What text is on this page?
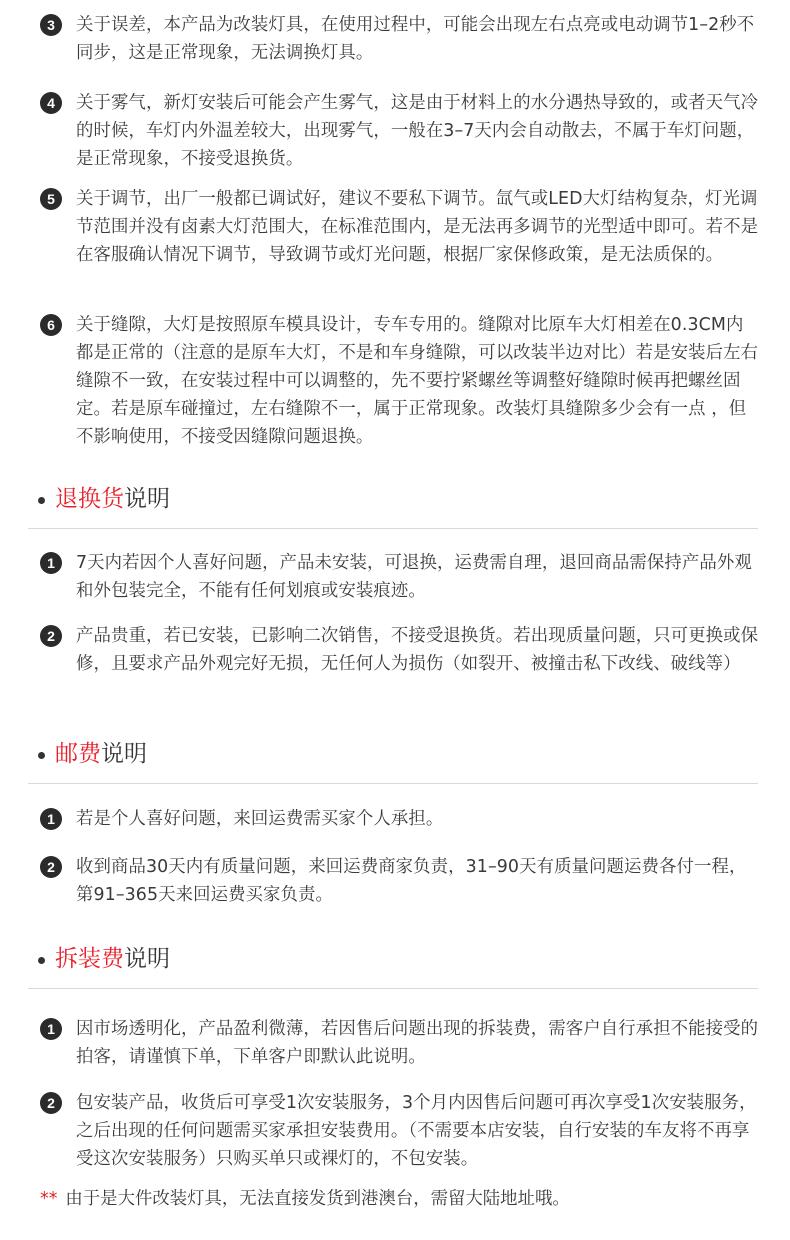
3	关于误差，本产品为改装灯具，在使用过程中，可能会出现左右点亮或电动调节1–2秒不同步，这是正常现象，无法调换灯具。
4	关于雾气，新灯安装后可能会产生雾气，这是由于材料上的水分遇热导致的，或者天气冷的时候，车灯内外温差较大，出现雾气，一般在3–7天内会自动散去，不属于车灯问题，是正常现象，不接受退换货。
5	关于调节，出厂一般都已调试好，建议不要私下调节。氙气或LED大灯结构复杂，灯光调节范围并没有卤素大灯范围大，在标准范围内，是无法再多调节的光型适中即可。若不是在客服确认情况下调节，导致调节或灯光问题，根据厂家保修政策，是无法质保的。
6	关于缝隙，大灯是按照原车模具设计，专车专用的。缝隙对比原车大灯相差在0.3CM内都是正常的（注意的是原车大灯，不是和车身缝隙，可以改装半边对比）若是安装后左右缝隙不一致，在安装过程中可以调整的，先不要拧紧螺丝等调整好缝隙时候再把螺丝固定。若是原车碰撞过，左右缝隙不一，属于正常现象。改装灯具缝隙多少会有一点 ，但不影响使用，不接受因缝隙问题退换。
退换货 说明
1	7天内若因个人喜好问题，产品未安装，可退换，运费需自理，退回商品需保持产品外观和外包装完全，不能有任何划痕或安装痕迹。
2	产品贵重，若已安装，已影响二次销售，不接受退换货。若出现质量问题，只可更换或保修，且要求产品外观完好无损，无任何人为损伤（如裂开、被撞击私下改线、破线等）
邮费 说明
1	若是个人喜好问题，来回运费需买家个人承担。
2	收到商品30天内有质量问题，来回运费商家负责，31–90天有质量问题运费各付一程，第91–365天来回运费买家负责。
拆装费 说明
1	因市场透明化，产品盈利微薄，若因售后问题出现的拆装费，需客户自行承担不能接受的拍客，请谨慎下单，下单客户即默认此说明。
2	包安装产品，收货后可享受1次安装服务，3个月内因售后问题可再次享受1次安装服务，之后出现的任何问题需买家承担安装费用。（不需要本店安装，自行安装的车友将不再享受这次安装服务）只购买单只或裸灯的，不包安装。
** 由于是大件改装灯具，无法直接发货到港澳台，需留大陆地址哦。
